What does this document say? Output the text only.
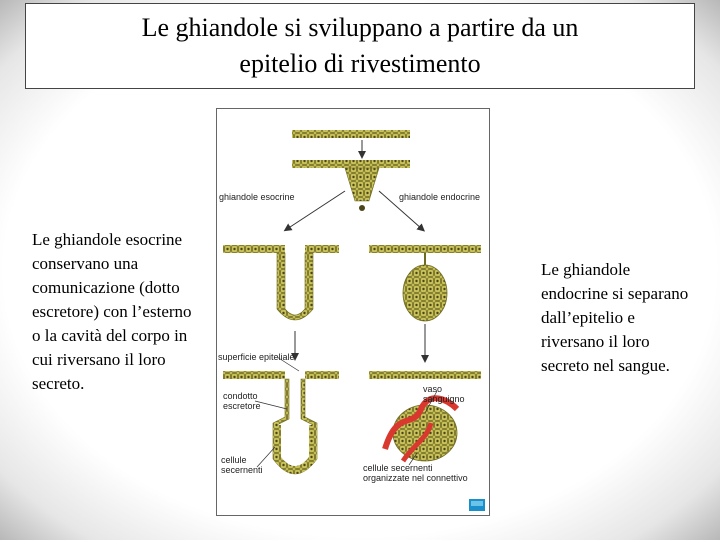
Le ghiandole si sviluppano a partire da un
epitelio di rivestimento
Le ghiandole esocrine conservano una comunicazione (dotto escretore) con l’esterno o la cavità del corpo in cui riversano il loro secreto.
Le ghiandole endocrine si separano dall’epitelio e riversano il loro secreto nel sangue.
ghiandole esocrine	ghiandole endocrine
superficie epiteliale
condotto
escretore
cellule
secernenti
vaso
sanguigno
cellule secernenti
organizzate nel connettivo
